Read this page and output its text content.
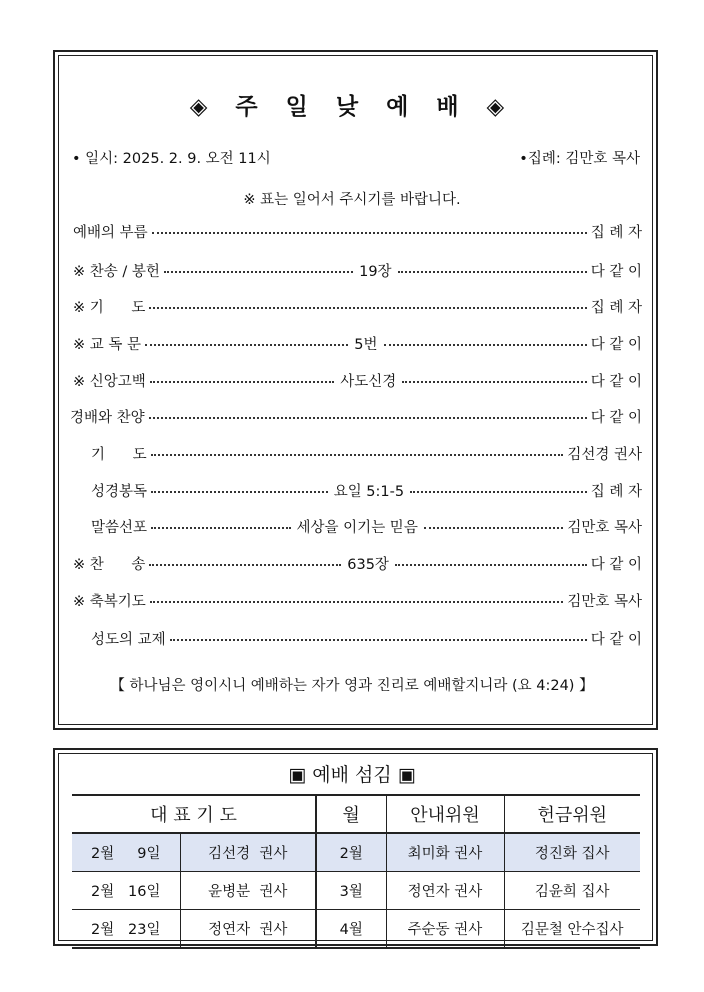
◈ 주 일 낮 예 배 ◈
• 일시: 2025. 2. 9. 오전 11시	•집례: 김만호 목사
※ 표는 일어서 주시기를 바랍니다.
예배의 부름	집 례 자
※ 찬송 / 봉헌	19장	다 같 이
※ 기      도	집 례 자
※ 교 독 문	5번	다 같 이
※ 신앙고백	사도신경	다 같 이
경배와 찬양	다 같 이
기      도	김선경 권사
성경봉독	요일 5:1-5	집 례 자
말씀선포	세상을 이기는 믿음	김만호 목사
※ 찬      송	635장	다 같 이
※ 축복기도	김만호 목사
성도의 교제	다 같 이
【 하나님은 영이시니 예배하는 자가 영과 진리로 예배할지니라 (요 4:24) 】
▣ 예배 섬김 ▣
대 표 기 도		월	안내위원	헌금위원
2월 9일	김선경  권사	2월	최미화 권사	정진화 집사
2월 16일	윤병분  권사	3월	정연자 권사	김윤희 집사
2월 23일	정연자  권사	4월	주순동 권사	김문철 안수집사
